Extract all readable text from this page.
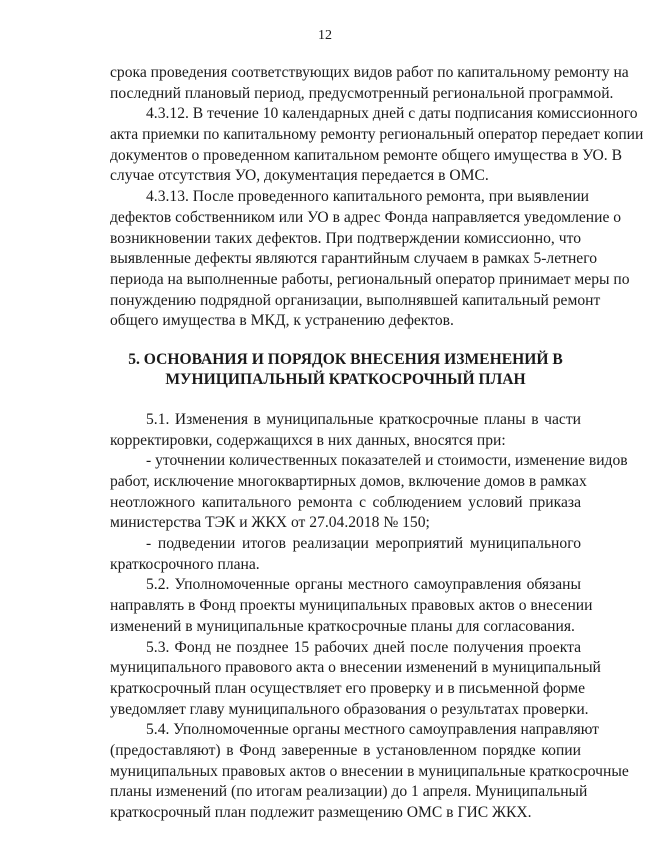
12
срока проведения соответствующих видов работ по капитальному ремонту на
последний плановый период, предусмотренный региональной программой.
4.3.12. В течение 10 календарных дней с даты подписания комиссионного
акта приемки по капитальному ремонту региональный оператор передает копии
документов о проведенном капитальном ремонте общего имущества в УО. В
случае отсутствия УО, документация передается в ОМС.
4.3.13. После проведенного капитального ремонта, при выявлении
дефектов собственником или УО в адрес Фонда направляется уведомление о
возникновении таких дефектов. При подтверждении комиссионно, что
выявленные дефекты являются гарантийным случаем в рамках 5-летнего
периода на выполненные работы, региональный оператор принимает меры по
понуждению подрядной организации, выполнявшей капитальный ремонт
общего имущества в МКД, к устранению дефектов.
5. ОСНОВАНИЯ И ПОРЯДОК ВНЕСЕНИЯ ИЗМЕНЕНИЙ В
МУНИЦИПАЛЬНЫЙ КРАТКОСРОЧНЫЙ ПЛАН
5.1. Изменения в муниципальные краткосрочные планы в части
корректировки, содержащихся в них данных, вносятся при:
- уточнении количественных показателей и стоимости, изменение видов
работ, исключение многоквартирных домов, включение домов в рамках
неотложного капитального ремонта с соблюдением условий приказа
министерства ТЭК и ЖКХ от 27.04.2018 № 150;
- подведении итогов реализации мероприятий муниципального
краткосрочного плана.
5.2. Уполномоченные органы местного самоуправления обязаны
направлять в Фонд проекты муниципальных правовых актов о внесении
изменений в муниципальные краткосрочные планы для согласования.
5.3. Фонд не позднее 15 рабочих дней после получения проекта
муниципального правового акта о внесении изменений в муниципальный
краткосрочный план осуществляет его проверку и в письменной форме
уведомляет главу муниципального образования о результатах проверки.
5.4. Уполномоченные органы местного самоуправления направляют
(предоставляют) в Фонд заверенные в установленном порядке копии
муниципальных правовых актов о внесении в муниципальные краткосрочные
планы изменений (по итогам реализации) до 1 апреля. Муниципальный
краткосрочный план подлежит размещению ОМС в ГИС ЖКХ.
